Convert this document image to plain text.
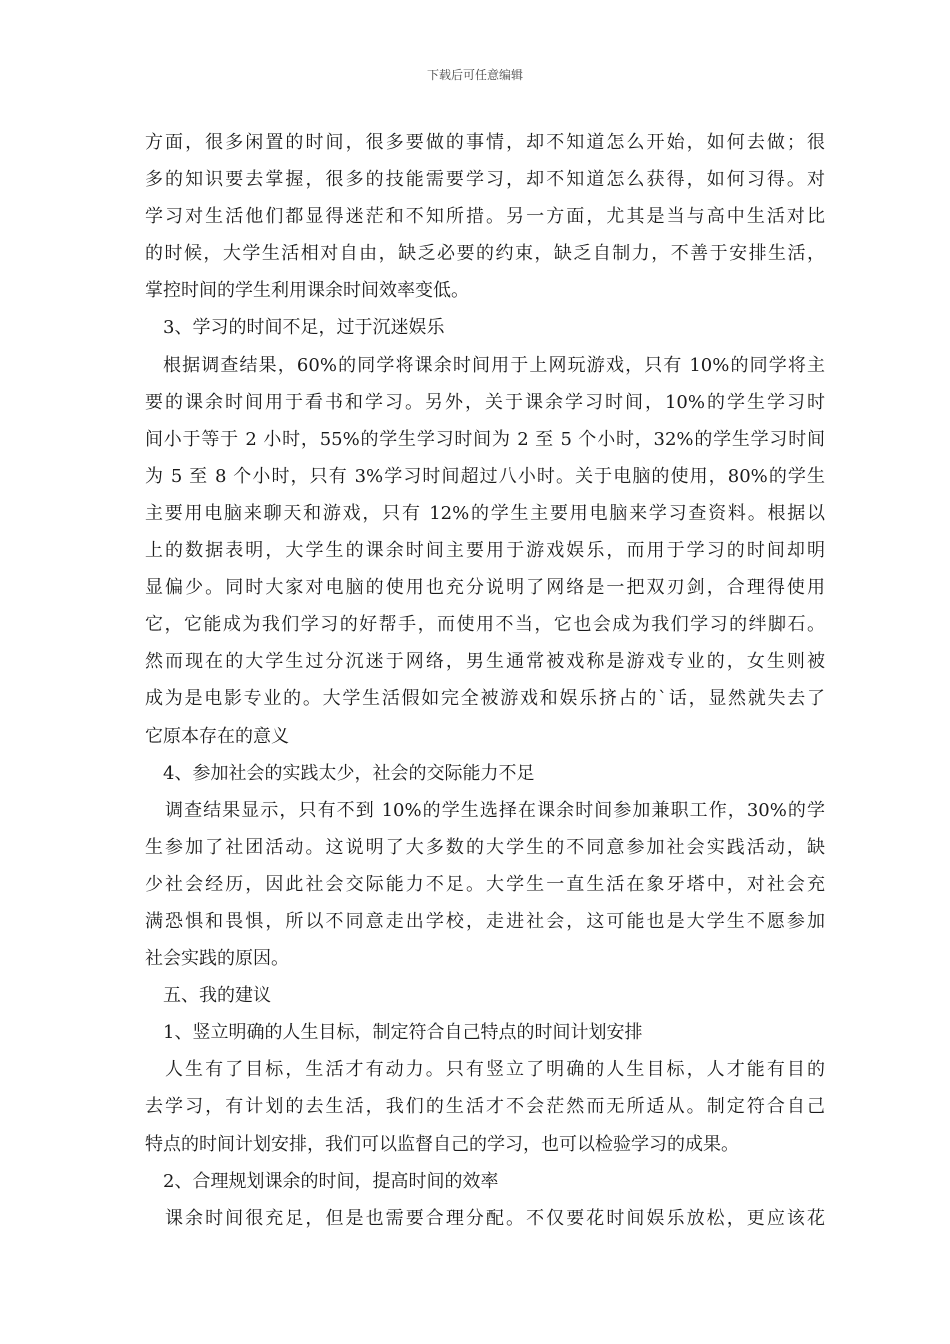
下载后可任意编辑
方面，很多闲置的时间，很多要做的事情，却不知道怎么开始，如何去做；很
多的知识要去掌握，很多的技能需要学习，却不知道怎么获得，如何习得。对
学习对生活他们都显得迷茫和不知所措。另一方面，尤其是当与高中生活对比
的时候，大学生活相对自由，缺乏必要的约束，缺乏自制力，不善于安排生活，
掌控时间的学生利用课余时间效率变低。
3、学习的时间不足，过于沉迷娱乐
根据调查结果，60%的同学将课余时间用于上网玩游戏，只有 10%的同学将主
要的课余时间用于看书和学习。另外，关于课余学习时间，10%的学生学习时
间小于等于 2 小时，55%的学生学习时间为 2 至 5 个小时，32%的学生学习时间
为 5 至 8 个小时，只有 3%学习时间超过八小时。关于电脑的使用，80%的学生
主要用电脑来聊天和游戏，只有 12%的学生主要用电脑来学习查资料。根据以
上的数据表明，大学生的课余时间主要用于游戏娱乐，而用于学习的时间却明
显偏少。同时大家对电脑的使用也充分说明了网络是一把双刃剑，合理得使用
它，它能成为我们学习的好帮手，而使用不当，它也会成为我们学习的绊脚石。
然而现在的大学生过分沉迷于网络，男生通常被戏称是游戏专业的，女生则被
成为是电影专业的。大学生活假如完全被游戏和娱乐挤占的`话，显然就失去了
它原本存在的意义
4、参加社会的实践太少，社会的交际能力不足
调查结果显示，只有不到 10%的学生选择在课余时间参加兼职工作，30%的学
生参加了社团活动。这说明了大多数的大学生的不同意参加社会实践活动，缺
少社会经历，因此社会交际能力不足。大学生一直生活在象牙塔中，对社会充
满恐惧和畏惧，所以不同意走出学校，走进社会，这可能也是大学生不愿参加
社会实践的原因。
五、我的建议
1、竖立明确的人生目标，制定符合自己特点的时间计划安排
人生有了目标，生活才有动力。只有竖立了明确的人生目标，人才能有目的
去学习，有计划的去生活，我们的生活才不会茫然而无所适从。制定符合自己
特点的时间计划安排，我们可以监督自己的学习，也可以检验学习的成果。
2、合理规划课余的时间，提高时间的效率
课余时间很充足，但是也需要合理分配。不仅要花时间娱乐放松，更应该花
